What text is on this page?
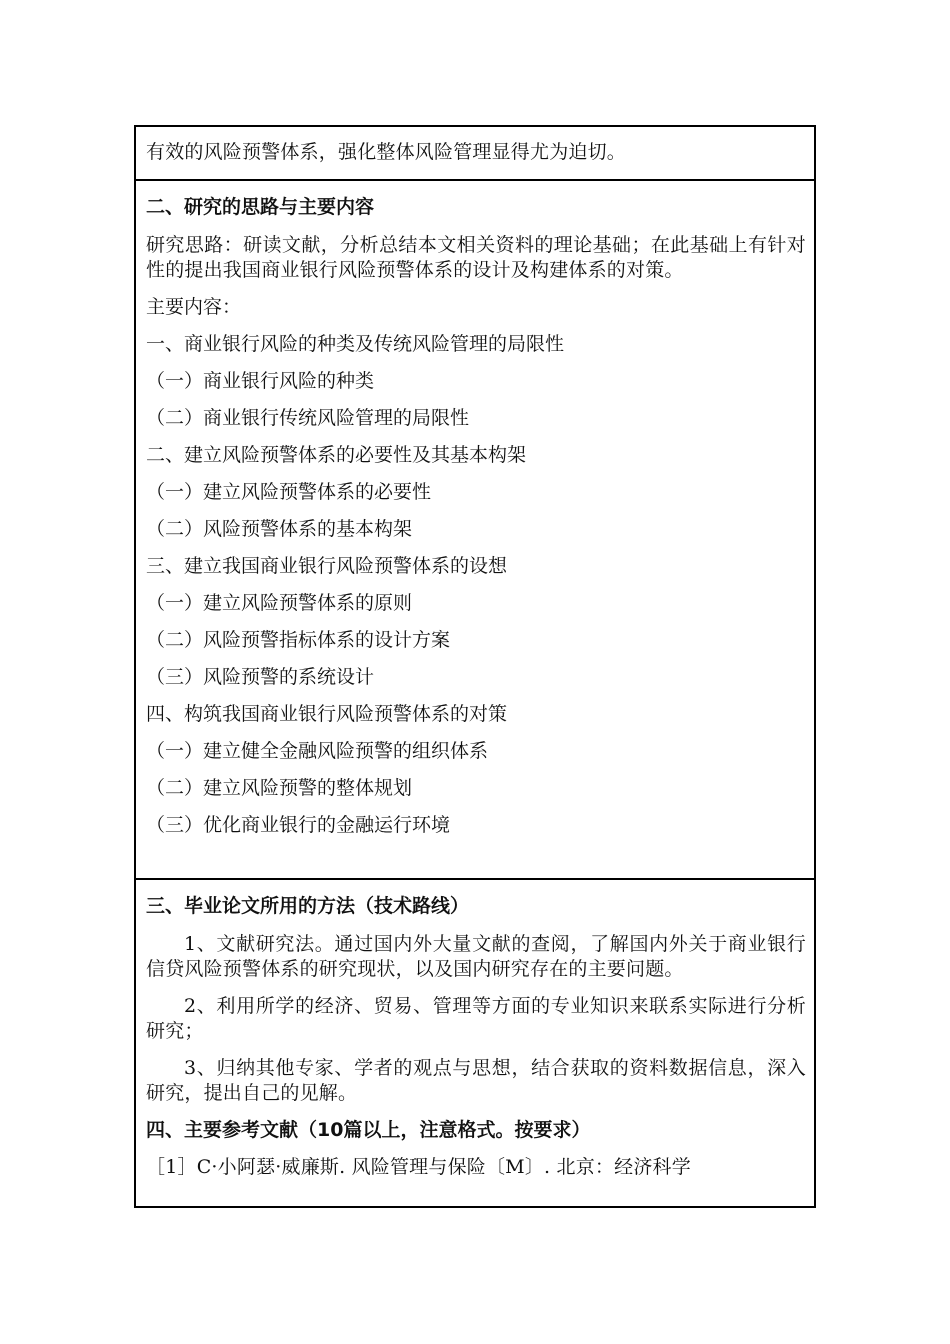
有效的风险预警体系，强化整体风险管理显得尤为迫切。

二、研究的思路与主要内容

研究思路：研读文献，分析总结本文相关资料的理论基础；在此基础上有针对性的提出我国商业银行风险预警体系的设计及构建体系的对策。

主要内容：

一、商业银行风险的种类及传统风险管理的局限性

（一）商业银行风险的种类

（二）商业银行传统风险管理的局限性

二、建立风险预警体系的必要性及其基本构架

（一）建立风险预警体系的必要性

（二）风险预警体系的基本构架

三、建立我国商业银行风险预警体系的设想

（一）建立风险预警体系的原则

（二）风险预警指标体系的设计方案

（三）风险预警的系统设计

四、构筑我国商业银行风险预警体系的对策

（一）建立健全金融风险预警的组织体系

（二）建立风险预警的整体规划

（三）优化商业银行的金融运行环境

三、毕业论文所用的方法（技术路线）

1、文献研究法。通过国内外大量文献的查阅，了解国内外关于商业银行信贷风险预警体系的研究现状，以及国内研究存在的主要问题。

2、利用所学的经济、贸易、管理等方面的专业知识来联系实际进行分析研究；

3、归纳其他专家、学者的观点与思想，结合获取的资料数据信息，深入研究，提出自己的见解。

四、主要参考文献（10篇以上，注意格式。按要求）

［1］C·小阿瑟·威廉斯. 风险管理与保险〔M〕. 北京：经济科学
